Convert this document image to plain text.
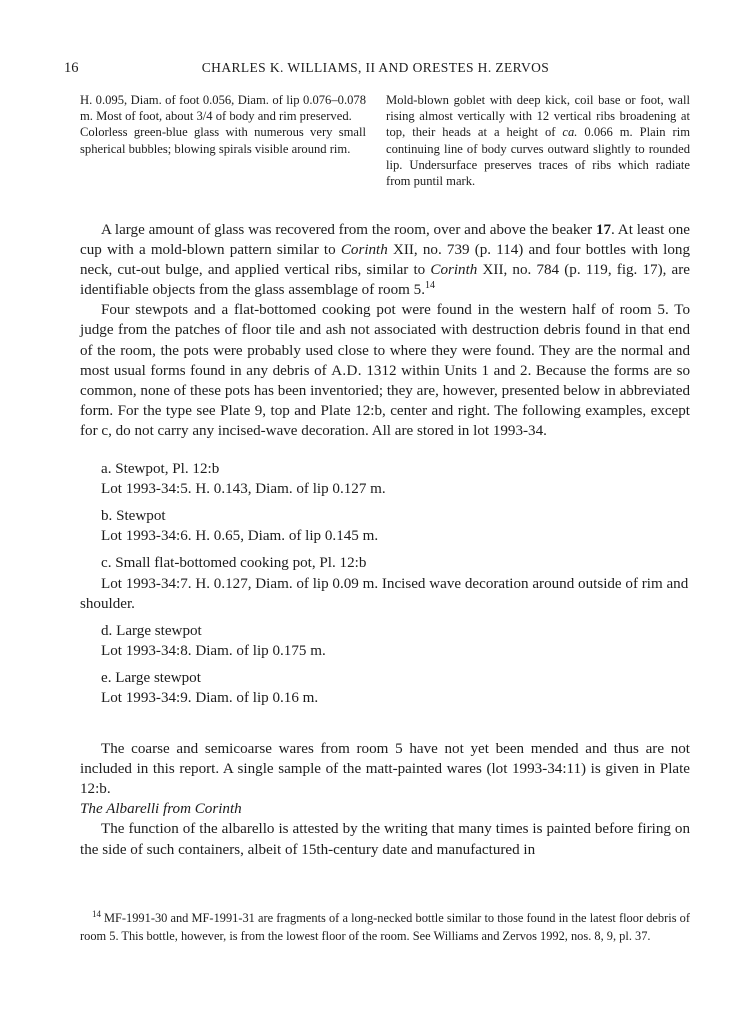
16	CHARLES K. WILLIAMS, II AND ORESTES H. ZERVOS

H. 0.095, Diam. of foot 0.056, Diam. of lip 0.076–0.078 m. Most of foot, about 3/4 of body and rim preserved.

Colorless green-blue glass with numerous very small spherical bubbles; blowing spirals visible around rim.

Mold-blown goblet with deep kick, coil base or foot, wall rising almost vertically with 12 vertical ribs broadening at top, their heads at a height of ca. 0.066 m. Plain rim continuing line of body curves outward slightly to rounded lip. Undersurface preserves traces of ribs which radiate from puntil mark.

A large amount of glass was recovered from the room, over and above the beaker 17. At least one cup with a mold-blown pattern similar to Corinth XII, no. 739 (p. 114) and four bottles with long neck, cut-out bulge, and applied vertical ribs, similar to Corinth XII, no. 784 (p. 119, fig. 17), are identifiable objects from the glass assemblage of room 5.14

Four stewpots and a flat-bottomed cooking pot were found in the western half of room 5. To judge from the patches of floor tile and ash not associated with destruction debris found in that end of the room, the pots were probably used close to where they were found. They are the normal and most usual forms found in any debris of A.D. 1312 within Units 1 and 2. Because the forms are so common, none of these pots has been inventoried; they are, however, presented below in abbreviated form. For the type see Plate 9, top and Plate 12:b, center and right. The following examples, except for c, do not carry any incised-wave decoration. All are stored in lot 1993-34.

a. Stewpot, Pl. 12:b
Lot 1993-34:5. H. 0.143, Diam. of lip 0.127 m.
b. Stewpot
Lot 1993-34:6. H. 0.65, Diam. of lip 0.145 m.
c. Small flat-bottomed cooking pot, Pl. 12:b
Lot 1993-34:7. H. 0.127, Diam. of lip 0.09 m. Incised wave decoration around outside of rim and shoulder.
d. Large stewpot
Lot 1993-34:8. Diam. of lip 0.175 m.
e. Large stewpot
Lot 1993-34:9. Diam. of lip 0.16 m.

The coarse and semicoarse wares from room 5 have not yet been mended and thus are not included in this report. A single sample of the matt-painted wares (lot 1993-34:11) is given in Plate 12:b.

The Albarelli from Corinth

The function of the albarello is attested by the writing that many times is painted before firing on the side of such containers, albeit of 15th-century date and manufactured in

$^{14}$ MF-1991-30 and MF-1991-31 are fragments of a long-necked bottle similar to those found in the latest floor debris of room 5. This bottle, however, is from the lowest floor of the room. See Williams and Zervos 1992, nos. 8, 9, pl. 37.
